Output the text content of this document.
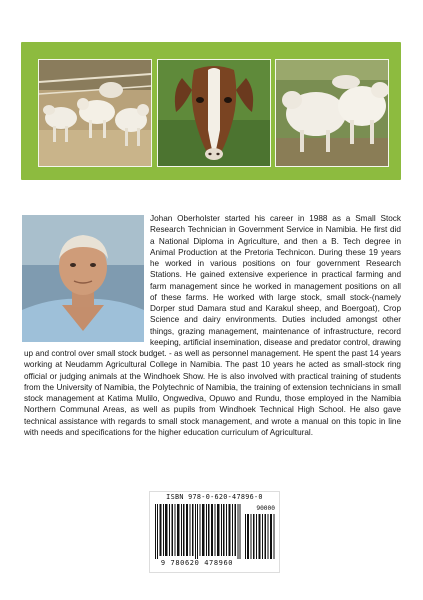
Johan Oberholster started his career in 1988 as a Small Stock Research Technician in Government Service in Namibia. He first did a National Diploma in Agriculture, and then a B. Tech degree in Animal Production at the Pretoria Technicon. During these 19 years he worked in various positions on four government Research Stations. He gained extensive experience in practical farming and farm management since he worked in management positions on all of these farms. He worked with large stock, small stock-(namely Dorper stud Damara stud and Karakul sheep, and Boergoat), Crop Science and dairy environments. Duties included amongst other things, grazing management, maintenance of infrastructure, record keeping, artificial insemination, disease and predator control, drawing up and control over small stock budget. - as well as personnel management. He spent the past 14 years working at Neudamm Agricultural College in Namibia. The past 10 years he acted as small-stock ring official or judging animals at the Windhoek Show. He is also involved with practical training of students from the University of Namibia, the Polytechnic of Namibia, the training of extension technicians in small stock management at Katima Mulilo, Ongwediva, Opuwo and Rundu, those employed in the Namibia Northern Communal Areas, as well as pupils from Windhoek Technical High School. He also gave technical assistance with regards to small stock management, and wrote a manual on this topic in line with needs and specifications for the higher education curriculum of Agricultural.

ISBN 978-0-620-47896-0
90000
9 780620 478960
